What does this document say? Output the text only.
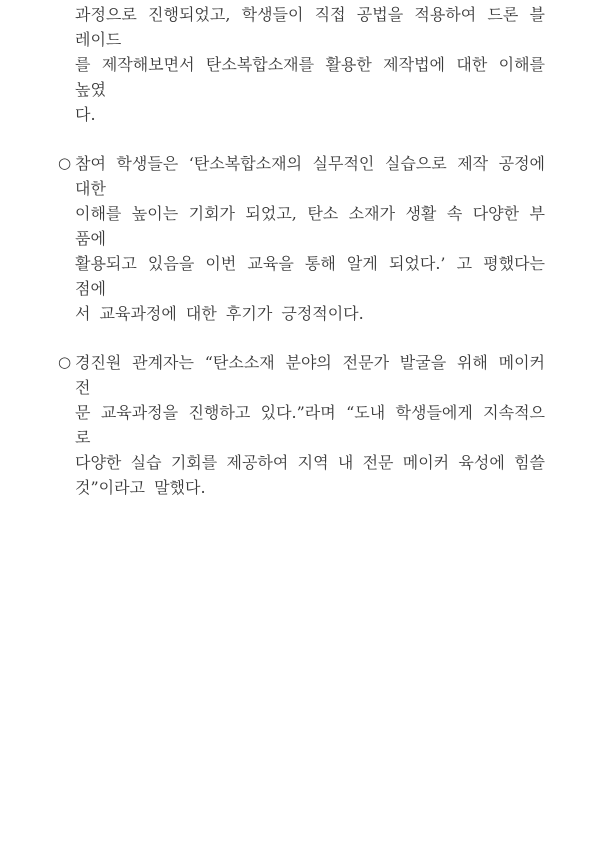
과정으로 진행되었고, 학생들이 직접 공법을 적용하여 드론 블레이드
를 제작해보면서 탄소복합소재를 활용한 제작법에 대한 이해를 높였
다.
○ 참여 학생들은 ‘탄소복합소재의 실무적인 실습으로 제작 공정에 대한
이해를 높이는 기회가 되었고, 탄소 소재가 생활 속 다양한 부품에
활용되고 있음을 이번 교육을 통해 알게 되었다.’ 고 평했다는 점에
서 교육과정에 대한 후기가 긍정적이다.
○ 경진원 관계자는 “탄소소재 분야의 전문가 발굴을 위해 메이커 전
문 교육과정을 진행하고 있다.”라며 “도내 학생들에게 지속적으로
다양한 실습 기회를 제공하여 지역 내 전문 메이커 육성에 힘쓸
것”이라고 말했다.
